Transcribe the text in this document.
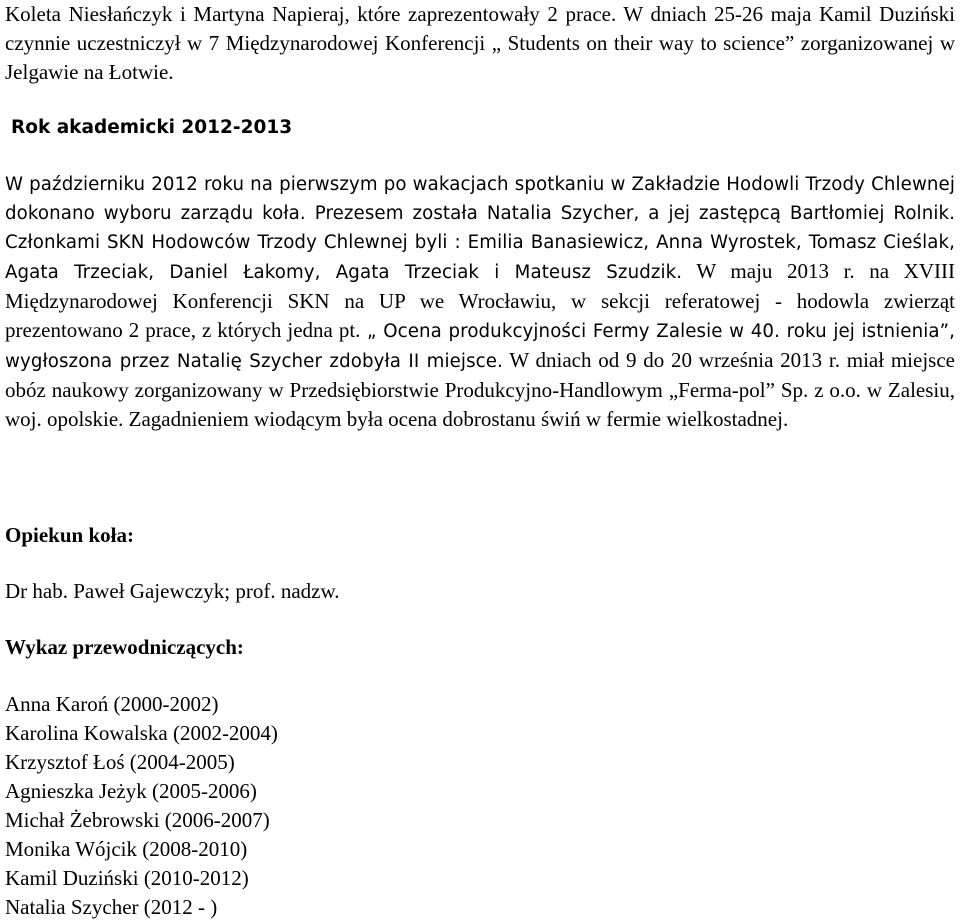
Koleta Niesłańczyk i Martyna Napieraj, które zaprezentowały 2 prace. W dniach 25-26 maja Kamil Duziński czynnie uczestniczył w 7 Międzynarodowej Konferencji „ Students on their way to science” zorganizowanej w Jelgawie na Łotwie.

Rok akademicki 2012-2013

W październiku 2012 roku na pierwszym po wakacjach spotkaniu w Zakładzie Hodowli Trzody Chlewnej dokonano wyboru zarządu koła. Prezesem została Natalia Szycher, a jej zastępcą Bartłomiej Rolnik. Członkami SKN Hodowców Trzody Chlewnej byli : Emilia Banasiewicz, Anna Wyrostek, Tomasz Cieślak, Agata Trzeciak, Daniel Łakomy, Agata Trzeciak i Mateusz Szudzik. W maju 2013 r. na XVIII Międzynarodowej Konferencji SKN na UP we Wrocławiu, w sekcji referatowej - hodowla zwierząt prezentowano 2 prace, z których jedna pt. „ Ocena produkcyjności Fermy Zalesie w 40. roku jej istnienia”, wygłoszona przez Natalię Szycher zdobyła II miejsce. W dniach od 9 do 20 września 2013 r. miał miejsce obóz naukowy zorganizowany w Przedsiębiorstwie Produkcyjno-Handlowym „Ferma-pol” Sp. z o.o. w Zalesiu, woj. opolskie. Zagadnieniem wiodącym była ocena dobrostanu świń w fermie wielkostadnej.

Opiekun koła:
Dr hab. Paweł Gajewczyk; prof. nadzw.
Wykaz przewodniczących:
Anna Karoń (2000-2002)
Karolina Kowalska (2002-2004)
Krzysztof Łoś (2004-2005)
Agnieszka Jeżyk (2005-2006)
Michał Żebrowski (2006-2007)
Monika Wójcik (2008-2010)
Kamil Duziński (2010-2012)
Natalia Szycher (2012 - )
